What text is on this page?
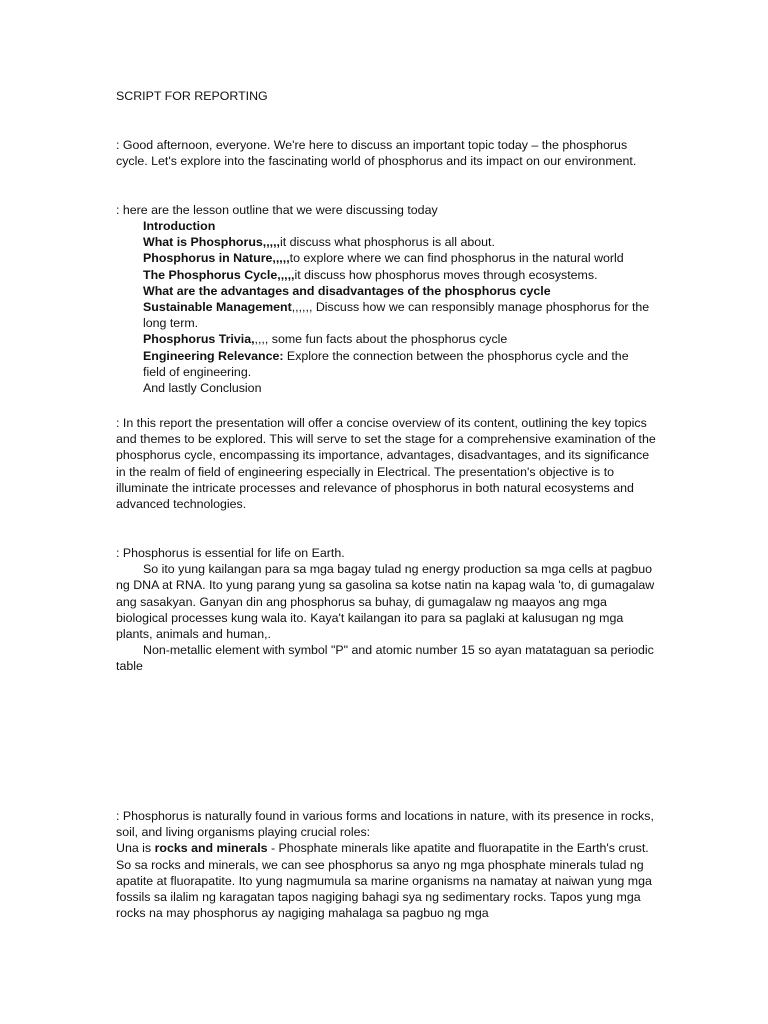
SCRIPT FOR REPORTING

: Good afternoon, everyone. We're here to discuss an important topic today – the phosphorus cycle. Let's explore into the fascinating world of phosphorus and its impact on our environment.

: here are the lesson outline that we were discussing today

Introduction

What is Phosphorus,,,,,it discuss what phosphorus is all about.

Phosphorus in Nature,,,,,to explore where we can find phosphorus in the natural world

The Phosphorus Cycle,,,,,it discuss how phosphorus moves through ecosystems.

What are the advantages and disadvantages of the phosphorus cycle

Sustainable Management,,,,,, Discuss how we can responsibly manage phosphorus for the long term.

Phosphorus Trivia,,,,, some fun facts about the phosphorus cycle

Engineering Relevance: Explore the connection between the phosphorus cycle and the field of engineering.

And lastly Conclusion

: In this report the presentation will offer a concise overview of its content, outlining the key topics and themes to be explored. This will serve to set the stage for a comprehensive examination of the phosphorus cycle, encompassing its importance, advantages, disadvantages, and its significance in the realm of field of engineering especially in Electrical. The presentation's objective is to illuminate the intricate processes and relevance of phosphorus in both natural ecosystems and advanced technologies.

: Phosphorus is essential for life on Earth.

So ito yung kailangan para sa mga bagay tulad ng energy production sa mga cells at pagbuo ng DNA at RNA. Ito yung parang yung sa gasolina sa kotse natin na kapag wala 'to, di gumagalaw ang sasakyan. Ganyan din ang phosphorus sa buhay, di gumagalaw ng maayos ang mga biological processes kung wala ito. Kaya't kailangan ito para sa paglaki at kalusugan ng mga plants, animals and human,.

Non-metallic element with symbol "P" and atomic number 15 so ayan matataguan sa periodic table

: Phosphorus is naturally found in various forms and locations in nature, with its presence in rocks, soil, and living organisms playing crucial roles:

Una is rocks and minerals - Phosphate minerals like apatite and fluorapatite in the Earth's crust. So sa rocks and minerals, we can see phosphorus sa anyo ng mga phosphate minerals tulad ng apatite at fluorapatite. Ito yung nagmumula sa marine organisms na namatay at naiwan yung mga fossils sa ilalim ng karagatan tapos nagiging bahagi sya ng sedimentary rocks. Tapos yung mga rocks na may phosphorus ay nagiging mahalaga sa pagbuo ng mga
